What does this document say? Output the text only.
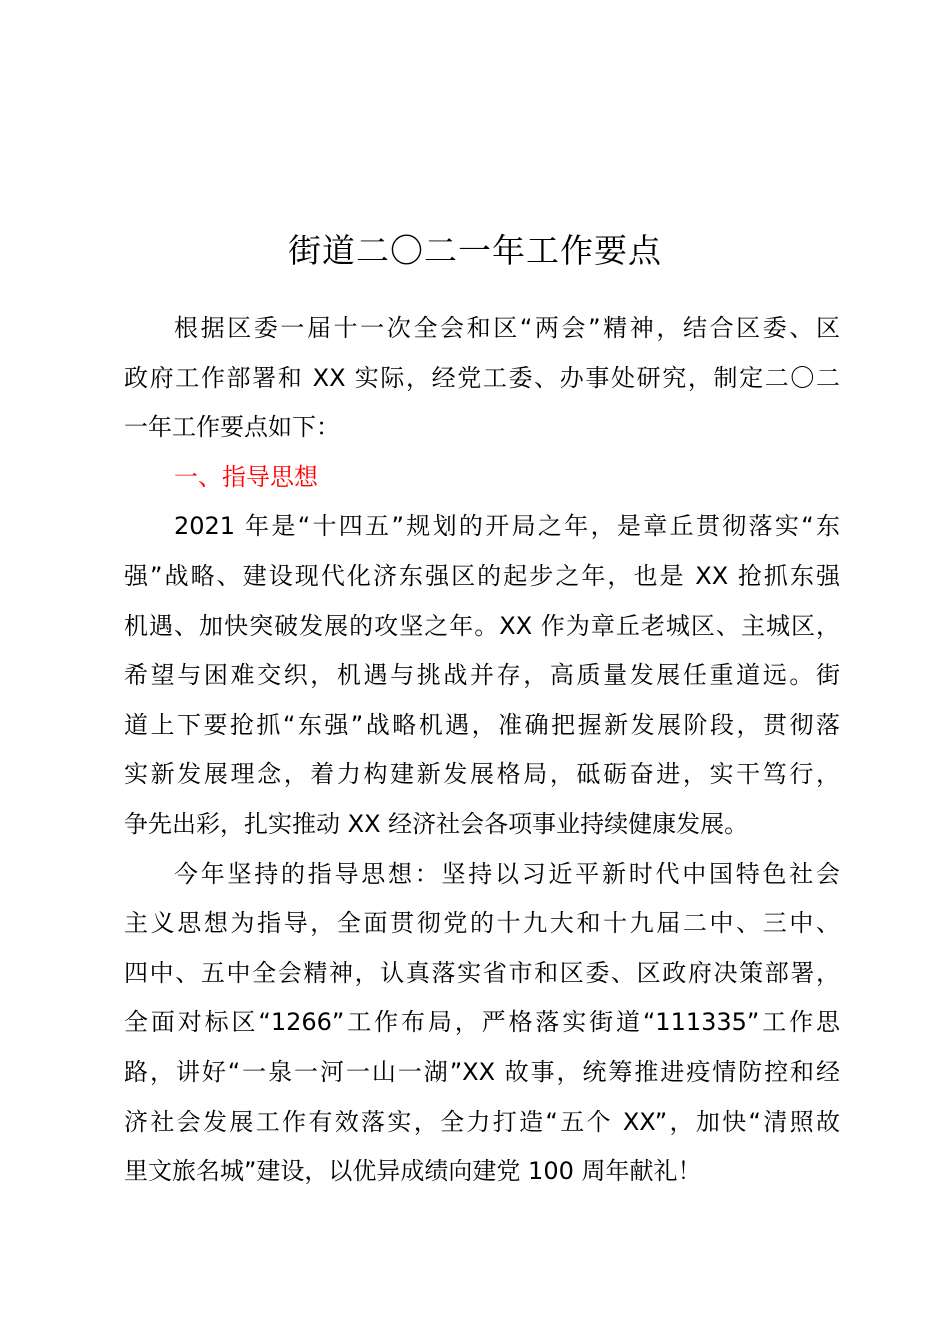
街道二〇二一年工作要点
根据区委一届十一次全会和区“两会”精神，结合区委、区
政府工作部署和 XX 实际，经党工委、办事处研究，制定二〇二
一年工作要点如下：
一、指导思想
2021 年是“十四五”规划的开局之年，是章丘贯彻落实“东
强”战略、建设现代化济东强区的起步之年，也是 XX 抢抓东强
机遇、加快突破发展的攻坚之年。XX 作为章丘老城区、主城区，
希望与困难交织，机遇与挑战并存，高质量发展任重道远。街
道上下要抢抓“东强”战略机遇，准确把握新发展阶段，贯彻落
实新发展理念，着力构建新发展格局，砥砺奋进，实干笃行，
争先出彩，扎实推动 XX 经济社会各项事业持续健康发展。
今年坚持的指导思想：坚持以习近平新时代中国特色社会
主义思想为指导，全面贯彻党的十九大和十九届二中、三中、
四中、五中全会精神，认真落实省市和区委、区政府决策部署，
全面对标区“1266”工作布局，严格落实街道“111335”工作思
路，讲好“一泉一河一山一湖”XX 故事，统筹推进疫情防控和经
济社会发展工作有效落实，全力打造“五个 XX”，加快“清照故
里文旅名城”建设，以优异成绩向建党 100 周年献礼！
